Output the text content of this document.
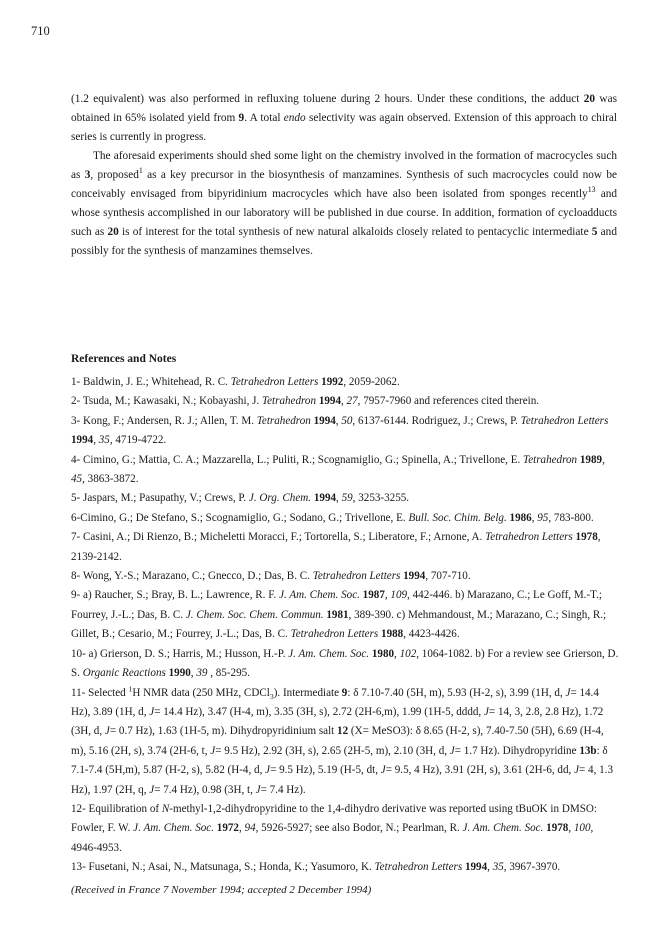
710

(1.2 equivalent) was also performed in refluxing toluene during 2 hours. Under these conditions, the adduct 20 was obtained in 65% isolated yield from 9. A total endo selectivity was again observed. Extension of this approach to chiral series is currently in progress.

The aforesaid experiments should shed some light on the chemistry involved in the formation of macrocycles such as 3, proposed$^1$ as a key precursor in the biosynthesis of manzamines. Synthesis of such macrocycles could now be conceivably envisaged from bipyridinium macrocycles which have also been isolated from sponges recently$^{13}$ and whose synthesis accomplished in our laboratory will be published in due course. In addition, formation of cycloadducts such as 20 is of interest for the total synthesis of new natural alkaloids closely related to pentacyclic intermediate 5 and possibly for the synthesis of manzamines themselves.

References and Notes
1- Baldwin, J. E.; Whitehead, R. C. Tetrahedron Letters 1992, 2059-2062.
2- Tsuda, M.; Kawasaki, N.; Kobayashi, J. Tetrahedron 1994, 27, 7957-7960 and references cited therein.
3- Kong, F.; Andersen, R. J.; Allen, T. M. Tetrahedron 1994, 50, 6137-6144. Rodriguez, J.; Crews, P. Tetrahedron Letters 1994, 35, 4719-4722.
4- Cimino, G.; Mattia, C. A.; Mazzarella, L.; Puliti, R.; Scognamiglio, G.; Spinella, A.; Trivellone, E. Tetrahedron 1989, 45, 3863-3872.
5- Jaspars, M.; Pasupathy, V.; Crews, P. J. Org. Chem. 1994, 59, 3253-3255.
6-Cimino, G.; De Stefano, S.; Scognamiglio, G.; Sodano, G.; Trivellone, E. Bull. Soc. Chim. Belg. 1986, 95, 783-800.
7- Casini, A.; Di Rienzo, B.; Micheletti Moracci, F.; Tortorella, S.; Liberatore, F.; Arnone, A. Tetrahedron Letters 1978, 2139-2142.
8- Wong, Y.-S.; Marazano, C.; Gnecco, D.; Das, B. C. Tetrahedron Letters 1994, 707-710.
9- a) Raucher, S.; Bray, B. L.; Lawrence, R. F. J. Am. Chem. Soc. 1987, 109, 442-446. b) Marazano, C.; Le Goff, M.-T.; Fourrey, J.-L.; Das, B. C. J. Chem. Soc. Chem. Commun. 1981, 389-390. c) Mehmandoust, M.; Marazano, C.; Singh, R.; Gillet, B.; Cesario, M.; Fourrey, J.-L.; Das, B. C. Tetrahedron Letters 1988, 4423-4426.
10- a) Grierson, D. S.; Harris, M.; Husson, H.-P. J. Am. Chem. Soc. 1980, 102, 1064-1082. b) For a review see Grierson, D. S. Organic Reactions 1990, 39 , 85-295.
11- Selected $^1$H NMR data (250 MHz, CDCl$_3$). Intermediate 9: δ 7.10-7.40 (5H, m), 5.93 (H-2, s), 3.99 (1H, d, J= 14.4 Hz), 3.89 (1H, d, J= 14.4 Hz), 3.47 (H-4, m), 3.35 (3H, s), 2.72 (2H-6,m), 1.99 (1H-5, dddd, J= 14, 3, 2.8, 2.8 Hz), 1.72 (3H, d, J= 0.7 Hz), 1.63 (1H-5, m). Dihydropyridinium salt 12 (X= MeSO3): δ 8.65 (H-2, s), 7.40-7.50 (5H), 6.69 (H-4, m), 5.16 (2H, s), 3.74 (2H-6, t, J= 9.5 Hz), 2.92 (3H, s), 2.65 (2H-5, m), 2.10 (3H, d, J= 1.7 Hz). Dihydropyridine 13b: δ 7.1-7.4 (5H,m), 5.87 (H-2, s), 5.82 (H-4, d, J= 9.5 Hz), 5.19 (H-5, dt, J= 9.5, 4 Hz), 3.91 (2H, s), 3.61 (2H-6, dd, J= 4, 1.3 Hz), 1.97 (2H, q, J= 7.4 Hz), 0.98 (3H, t, J= 7.4 Hz).
12- Equilibration of N-methyl-1,2-dihydropyridine to the 1,4-dihydro derivative was reported using tBuOK in DMSO: Fowler, F. W. J. Am. Chem. Soc. 1972, 94, 5926-5927; see also Bodor, N.; Pearlman, R. J. Am. Chem. Soc. 1978, 100, 4946-4953.
13- Fusetani, N.; Asai, N., Matsunaga, S.; Honda, K.; Yasumoro, K. Tetrahedron Letters 1994, 35, 3967-3970.
(Received in France 7 November 1994; accepted 2 December 1994)
